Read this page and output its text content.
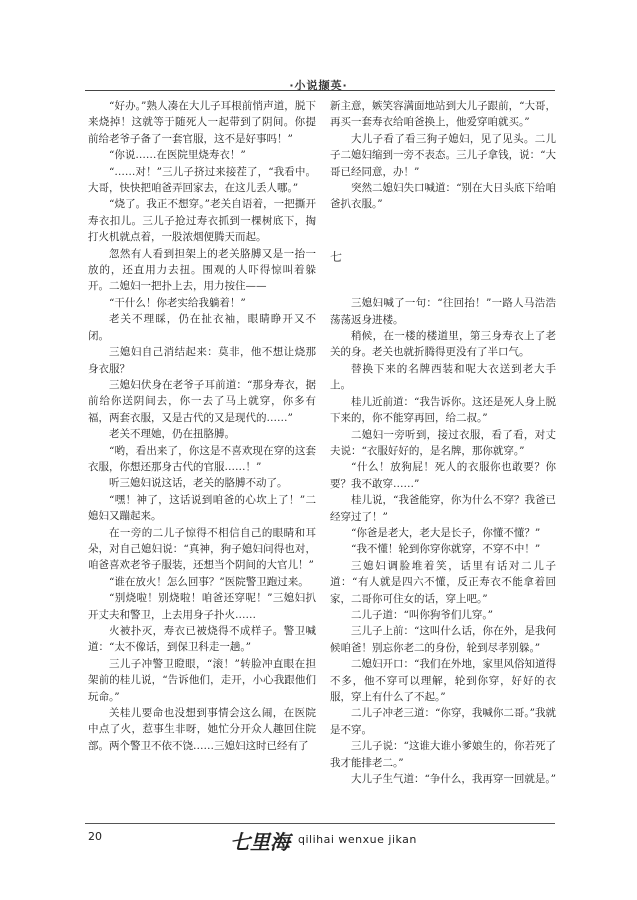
·小说撷英·

“好办。”熟人凑在大儿子耳根前悄声道，脱下来烧掉！这就等于随死人一起带到了阴间。你提前给老爷子备了一套官服，这不是好事吗！”

“你说……在医院里烧寿衣！”

“……对！”三儿子挤过来接茬了，“我看中。大哥，快快把咱爸弄回家去，在这儿丢人哪。”

“烧了。我正不想穿。”老关自语着，一把撕开寿衣扣儿。三儿子抢过寿衣抓到一棵树底下，掏打火机就点着，一股浓烟便腾天而起。

忽然有人看到担架上的老关胳膊又是一抬一放的，还直用力去扭。围观的人吓得惊叫着躲开。二媳妇一把扑上去，用力按住——

“干什么！你老实给我躺着！”

老关不理睬，仍在扯衣袖，眼睛睁开又不闭。

三媳妇自己消结起来：莫非，他不想让烧那身衣服？

三媳妇伏身在老爷子耳前道：“那身寿衣，据前给你送阴间去，你一去了马上就穿，你多有福，两套衣服，又是古代的又是现代的……”

老关不理她，仍在扭胳膊。

“哟，看出来了，你这是不喜欢现在穿的这套衣服，你想还那身古代的官服……！”

听三媳妇说这话，老关的胳膊不动了。

“嘿！神了，这话说到咱爸的心坎上了！”二媳妇又蹦起来。

在一旁的二儿子惊得不相信自己的眼睛和耳朵，对自己媳妇说：“真神，狗子媳妇问得也对，咱爸喜欢老爷子服装，还想当个阴间的大官儿！”

“谁在放火！怎么回事？”医院警卫跑过来。

“别烧啦！别烧啦！咱爸还穿呢！”三媳妇扒开丈夫和警卫，上去用身子扑火……

火被扑灭，寿衣已被烧得不成样子。警卫喊道：“太不像话，到保卫科走一趟。”

三儿子冲警卫瞪眼，“滚！”转脸冲直眼在担架前的桂儿说，“告诉他们，走开，小心我跟他们玩命。”

关桂儿要命也没想到事情会这么闹，在医院中点了火，惹事生非呀，她忙分开众人趣回住院部。两个警卫不依不饶……三媳妇这时已经有了

新主意，嫉笑容满面地站到大儿子跟前，“大哥，再买一套寿衣给咱爸换上，他爱穿咱就买。”

大儿子看了看三狗子媳妇，见了见头。二儿子二媳妇缩到一旁不表态。三儿子拿钱，说：“大哥已经同意，办！”

突然二媳妇失口喊道：“别在大日头底下给咱爸扒衣服。”

七

三媳妇喊了一句：“往回抬！”一路人马浩浩荡荡返身进楼。

稍候，在一楼的楼道里，第三身寿衣上了老关的身。老关也就折腾得更没有了半口气。

替换下来的名牌西装和呢大衣送到老大手上。

桂儿近前道：“我告诉你。这还是死人身上脱下来的，你不能穿再回，给二叔。”

二媳妇一旁听到，接过衣服，看了看，对丈夫说：“衣服好好的，是名牌，那你就穿。”

“什么！放狗屁！死人的衣服你也敢要？你要？我不敢穿……”

桂儿说，“我爸能穿，你为什么不穿？我爸已经穿过了！”

“你爸是老大，老大是长子，你懂不懂？”

“我不懂！轮到你穿你就穿，不穿不中！”

三媳妇调脸堆着笑，话里有话对二儿子道：“有人就是四六不懂，反正寿衣不能拿着回家，二哥你可住女的话，穿上吧。”

二儿子道：“叫你狗爷们儿穿。”

三儿子上前：“这叫什么话，你在外，是我何候咱爸！别忘你老二的身份，轮到尽孝别躲。”

二媳妇开口：“我们在外地，家里风俗知道得不多，他不穿可以理解，轮到你穿，好好的衣服，穿上有什么了不起。”

二儿子冲老三道：“你穿，我喊你二哥。”我就是不穿。

三儿子说：“这谁大谁小爹娘生的，你若死了我才能排老二。”

大儿子生气道：“争什么，我再穿一回就是。”

20	七里海 qilihai wenxue jikan
